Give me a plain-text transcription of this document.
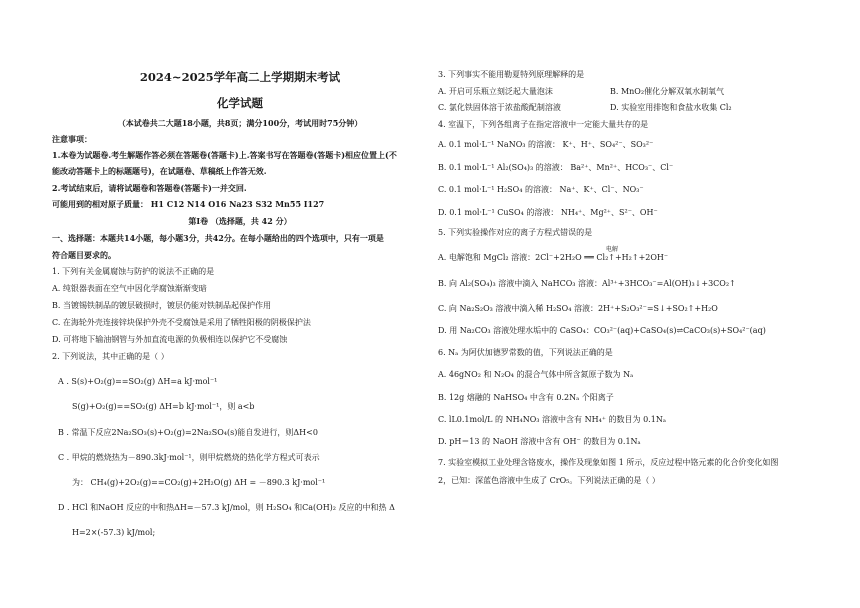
2024~2025学年高二上学期期末考试
化学试题
（本试卷共二大题18小题，共8页；满分100分，考试用时75分钟）
注意事项：
1.本卷为试题卷.考生解题作答必须在答题卷(答题卡)上.答案书写在答题卷(答题卡)相应位置上(不
能改动答题卡上的标题题号)，在试题卷、草稿纸上作答无效.
2.考试结束后，请将试题卷和答题卷(答题卡)一并交回.
可能用到的相对原子质量： H1 C12 N14 O16 Na23 S32 Mn55 I127
第Ⅰ卷 （选择题，共 42 分）
一、选择题：本题共14小题，每小题3分，共42分。在每小题给出的四个选项中，只有一项是
符合题目要求的。
1. 下列有关金属腐蚀与防护的说法不正确的是
A. 纯银器表面在空气中因化学腐蚀渐渐变暗
B. 当镀锡铁制品的镀层破损时，镀层仍能对铁制品起保护作用
C. 在海轮外壳连接锌块保护外壳不受腐蚀是采用了牺牲阳极的阴极保护法
D. 可将地下输油钢管与外加直流电源的负极相连以保护它不受腐蚀
2. 下列说法，其中正确的是（ ）
A . S(s)+O₂(g)==SO₂(g) ΔH=a kJ·mol⁻¹
S(g)+O₂(g)==SO₂(g) ΔH=b kJ·mol⁻¹，则 a<b
B . 常温下反应2Na₂SO₃(s)+O₂(g)=2Na₂SO₄(s)能自发进行，则ΔH<0
C . 甲烷的燃烧热为－890.3kJ·mol⁻¹，则甲烷燃烧的热化学方程式可表示
为： CH₄(g)+2O₂(g)==CO₂(g)+2H₂O(g) ΔH = －890.3 kJ·mol⁻¹
D . HCl 和NaOH 反应的中和热ΔH=－57.3 kJ/mol，则 H₂SO₄ 和Ca(OH)₂ 反应的中和热 Δ
H=2×(-57.3) kJ/mol;
3. 下列事实不能用勒夏特列原理解释的是
A. 开启可乐瓶立刻泛起大量泡沫	B. MnO₂催化分解双氧水制氧气
C. 氯化铁固体溶于浓盐酸配制溶液	D. 实验室用排饱和食盐水收集 Cl₂
4. 室温下，下列各组离子在指定溶液中一定能大量共存的是
A. 0.1 mol·L⁻¹ NaNO₃ 的溶液： K⁺、H⁺、SO₄²⁻、SO₃²⁻
B. 0.1 mol·L⁻¹ Al₂(SO₄)₃ 的溶液： Ba²⁺、Mn²⁺、HCO₃⁻、Cl⁻
C. 0.1 mol·L⁻¹ H₂SO₄ 的溶液： Na⁺、K⁺、Cl⁻、NO₃⁻
D. 0.1 mol·L⁻¹ CuSO₄ 的溶液： NH₄⁺、Mg²⁺、S²⁻、OH⁻
5. 下列实验操作对应的离子方程式错误的是
电解
A. 电解饱和 MgCl₂ 溶液：2Cl⁻+2H₂O ══ Cl₂↑+H₂↑+2OH⁻
B. 向 Al₂(SO₄)₃ 溶液中滴入 NaHCO₃ 溶液：Al³⁺+3HCO₃⁻=Al(OH)₃↓+3CO₂↑
C. 向 Na₂S₂O₃ 溶液中滴入稀 H₂SO₄ 溶液：2H⁺+S₂O₃²⁻=S↓+SO₂↑+H₂O
D. 用 Na₂CO₃ 溶液处理水垢中的 CaSO₄：CO₃²⁻(aq)+CaSO₄(s)⇌CaCO₃(s)+SO₄²⁻(aq)
6. Nₐ 为阿伏加德罗常数的值，下列说法正确的是
A. 46gNO₂ 和 N₂O₄ 的混合气体中所含氮原子数为 Nₐ
B. 12g 熔融的 NaHSO₄ 中含有 0.2Nₐ 个阳离子
C. lL0.1mol/L 的 NH₄NO₃ 溶液中含有 NH₄⁺ 的数目为 0.1Nₐ
D. pH＝13 的 NaOH 溶液中含有 OH⁻ 的数目为 0.1Nₐ
7. 实验室模拟工业处理含铬废水，操作及现象如图 1 所示，反应过程中铬元素的化合价变化如图
2，已知：深蓝色溶液中生成了 CrO₅。下列说法正确的是（ ）
